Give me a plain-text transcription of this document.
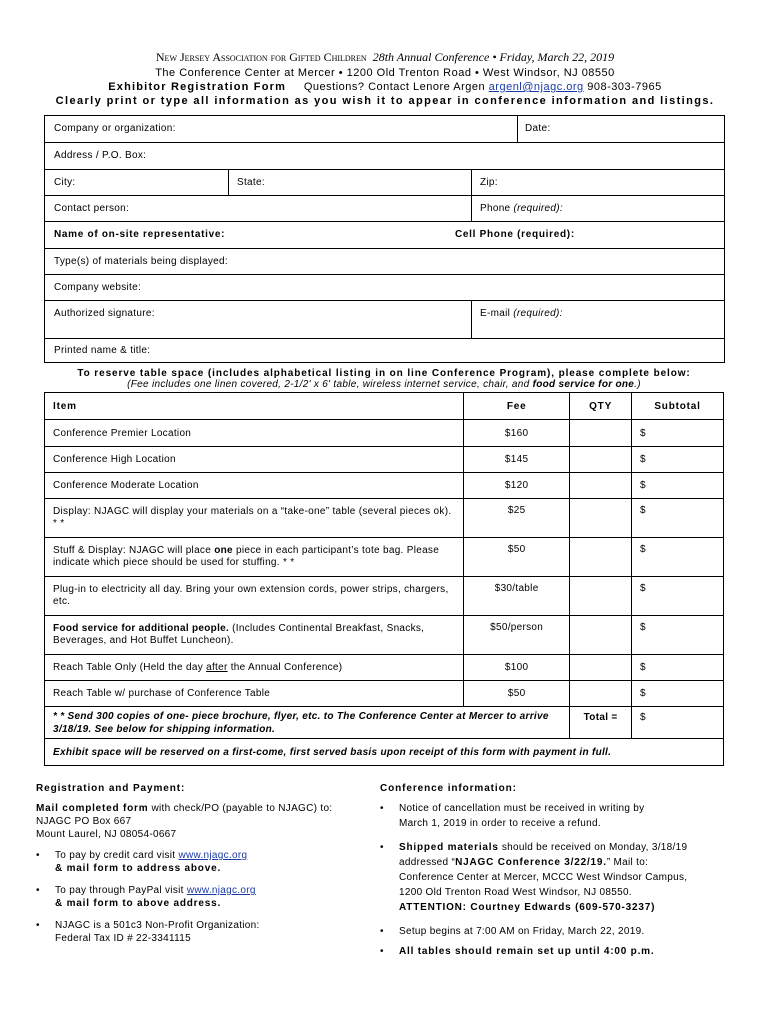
New Jersey Association for Gifted Children 28th Annual Conference • Friday, March 22, 2019
The Conference Center at Mercer • 1200 Old Trenton Road • West Windsor, NJ 08550
Exhibitor Registration Form Questions? Contact Lenore Argen argenl@njagc.org 908-303-7965
Clearly print or type all information as you wish it to appear in conference information and listings.
Company or organization:	Date:
Address / P.O. Box:
City:	State:	Zip:
Contact person:	Phone (required):
Name of on-site representative:	Cell Phone (required):
Type(s) of materials being displayed:
Company website:
Authorized signature:	E-mail (required):
Printed name & title:
To reserve table space (includes alphabetical listing in on line Conference Program), please complete below:
(Fee includes one linen covered, 2-1/2' x 6' table, wireless internet service, chair, and food service for one.)
Item	Fee	QTY	Subtotal
Conference Premier Location	$160		$
Conference High Location	$145		$
Conference Moderate Location	$120		$
Display: NJAGC will display your materials on a “take-one” table (several pieces ok). * *	$25		$
Stuff & Display: NJAGC will place one piece in each participant’s tote bag. Please indicate which piece should be used for stuffing. * *	$50		$
Plug-in to electricity all day. Bring your own extension cords, power strips, chargers, etc.	$30/table		$
Food service for additional people. (Includes Continental Breakfast, Snacks, Beverages, and Hot Buffet Luncheon).	$50/person		$
Reach Table Only (Held the day after the Annual Conference)	$100		$
Reach Table w/ purchase of Conference Table	$50		$
* * Send 300 copies of one- piece brochure, flyer, etc. to The Conference Center at Mercer to arrive 3/18/19. See below for shipping information.		Total =	$
Exhibit space will be reserved on a first-come, first served basis upon receipt of this form with payment in full.			
Registration and Payment:
Mail completed form with check/PO (payable to NJAGC) to:
NJAGC PO Box 667
Mount Laurel, NJ 08054-0667
• To pay by credit card visit www.njagc.org
& mail form to address above.
• To pay through PayPal visit www.njagc.org
& mail form to above address.
• NJAGC is a 501c3 Non-Profit Organization:
Federal Tax ID # 22-3341115
Conference information:
• Notice of cancellation must be received in writing by
March 1, 2019 in order to receive a refund.
• Shipped materials should be received on Monday, 3/18/19
addressed “NJAGC Conference 3/22/19.” Mail to:
Conference Center at Mercer, MCCC West Windsor Campus,
1200 Old Trenton Road West Windsor, NJ 08550.
ATTENTION: Courtney Edwards (609-570-3237)
• Setup begins at 7:00 AM on Friday, March 22, 2019.
• All tables should remain set up until 4:00 p.m.
